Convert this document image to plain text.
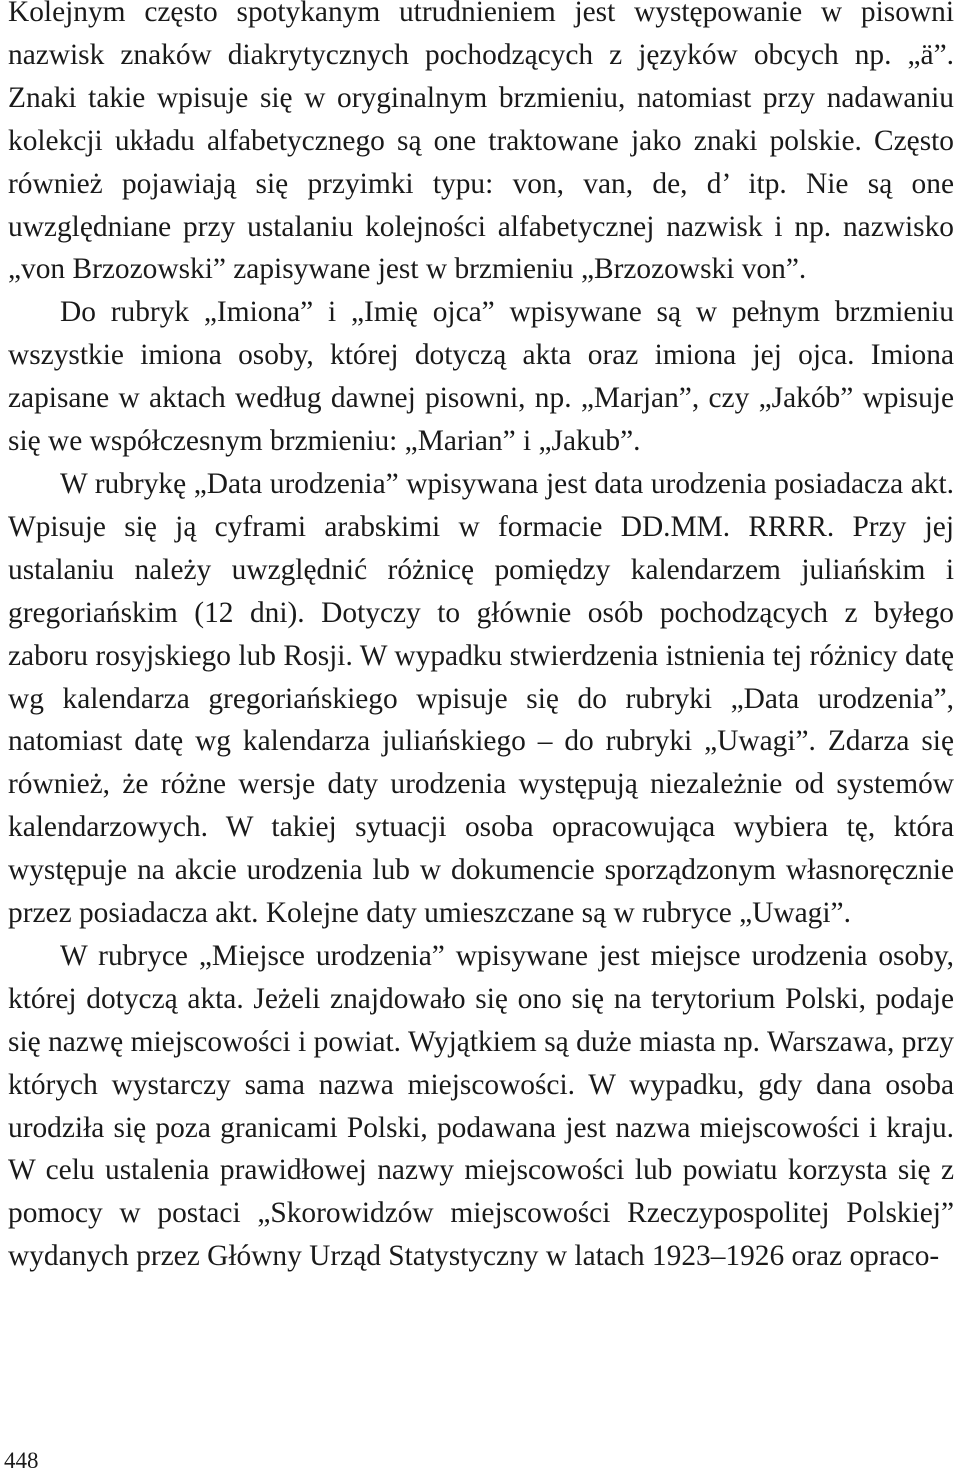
Kolejnym często spotykanym utrudnieniem jest występowanie w pisowni nazwisk znaków diakrytycznych pochodzących z języków obcych np. „ä”. Znaki takie wpisuje się w oryginalnym brzmieniu, natomiast przy nadawaniu kolekcji układu alfabetycznego są one traktowane jako znaki polskie. Często również pojawiają się przyimki typu: von, van, de, d’ itp. Nie są one uwzględniane przy ustalaniu kolejności alfabetycznej nazwisk i np. nazwisko „von Brzozowski” zapisywane jest w brzmieniu „Brzozowski von”.

Do rubryk „Imiona” i „Imię ojca” wpisywane są w pełnym brzmieniu wszystkie imiona osoby, której dotyczą akta oraz imiona jej ojca. Imiona zapisane w aktach według dawnej pisowni, np. „Marjan”, czy „Jakób” wpisuje się we współczesnym brzmieniu: „Marian” i „Jakub”.

W rubrykę „Data urodzenia” wpisywana jest data urodzenia posiadacza akt. Wpisuje się ją cyframi arabskimi w formacie DD.MM. RRRR. Przy jej ustalaniu należy uwzględnić różnicę pomiędzy kalendarzem juliańskim i gregoriańskim (12 dni). Dotyczy to głównie osób pochodzących z byłego zaboru rosyjskiego lub Rosji. W wypadku stwierdzenia istnienia tej różnicy datę wg kalendarza gregoriańskiego wpisuje się do rubryki „Data urodzenia”, natomiast datę wg kalendarza juliańskiego – do rubryki „Uwagi”. Zdarza się również, że różne wersje daty urodzenia występują niezależnie od systemów kalendarzowych. W takiej sytuacji osoba opracowująca wybiera tę, która występuje na akcie urodzenia lub w dokumencie sporządzonym własnoręcznie przez posiadacza akt. Kolejne daty umieszczane są w rubryce „Uwagi”.

W rubryce „Miejsce urodzenia” wpisywane jest miejsce urodzenia osoby, której dotyczą akta. Jeżeli znajdowało się ono się na terytorium Polski, podaje się nazwę miejscowości i powiat. Wyjątkiem są duże miasta np. Warszawa, przy których wystarczy sama nazwa miejscowości. W wypadku, gdy dana osoba urodziła się poza granicami Polski, podawana jest nazwa miejscowości i kraju. W celu ustalenia prawidłowej nazwy miejscowości lub powiatu korzysta się z pomocy w postaci „Skorowidzów miejscowości Rzeczypospolitej Polskiej” wydanych przez Główny Urząd Statystyczny w latach 1923–1926 oraz opraco-

448
